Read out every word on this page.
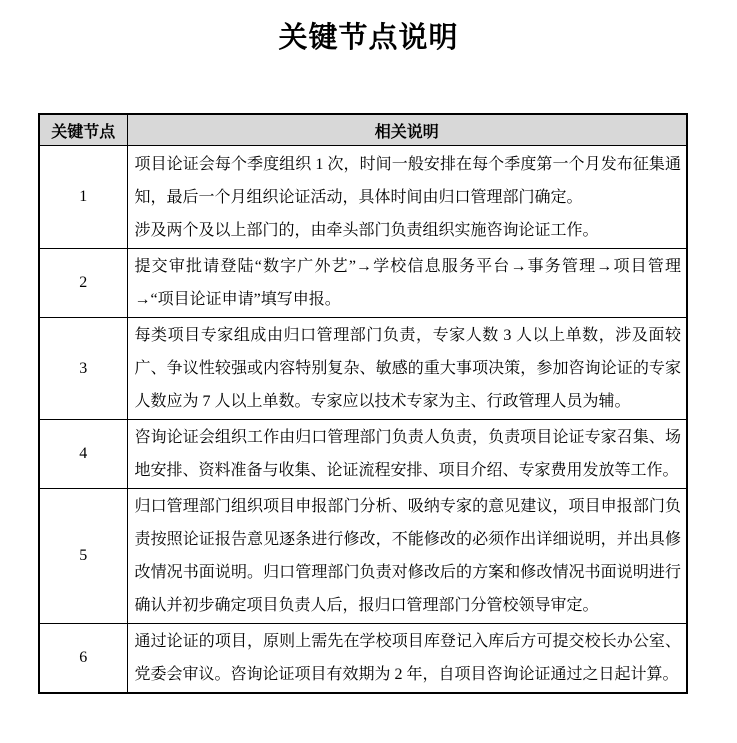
关键节点说明
关键节点	相关说明
1	项目论证会每个季度组织 1 次，时间一般安排在每个季度第一个月发布征集通知，最后一个月组织论证活动，具体时间由归口管理部门确定。

涉及两个及以上部门的，由牵头部门负责组织实施咨询论证工作。

2	提交审批请登陆“数字广外艺”→学校信息服务平台→事务管理→项目管理→“项目论证申请”填写申报。

3	每类项目专家组成由归口管理部门负责，专家人数 3 人以上单数，涉及面较广、争议性较强或内容特别复杂、敏感的重大事项决策，参加咨询论证的专家人数应为 7 人以上单数。专家应以技术专家为主、行政管理人员为辅。

4	咨询论证会组织工作由归口管理部门负责人负责，负责项目论证专家召集、场地安排、资料准备与收集、论证流程安排、项目介绍、专家费用发放等工作。

5	归口管理部门组织项目申报部门分析、吸纳专家的意见建议，项目申报部门负责按照论证报告意见逐条进行修改，不能修改的必须作出详细说明，并出具修改情况书面说明。归口管理部门负责对修改后的方案和修改情况书面说明进行确认并初步确定项目负责人后，报归口管理部门分管校领导审定。

6	通过论证的项目，原则上需先在学校项目库登记入库后方可提交校长办公室、党委会审议。咨询论证项目有效期为 2 年，自项目咨询论证通过之日起计算。
